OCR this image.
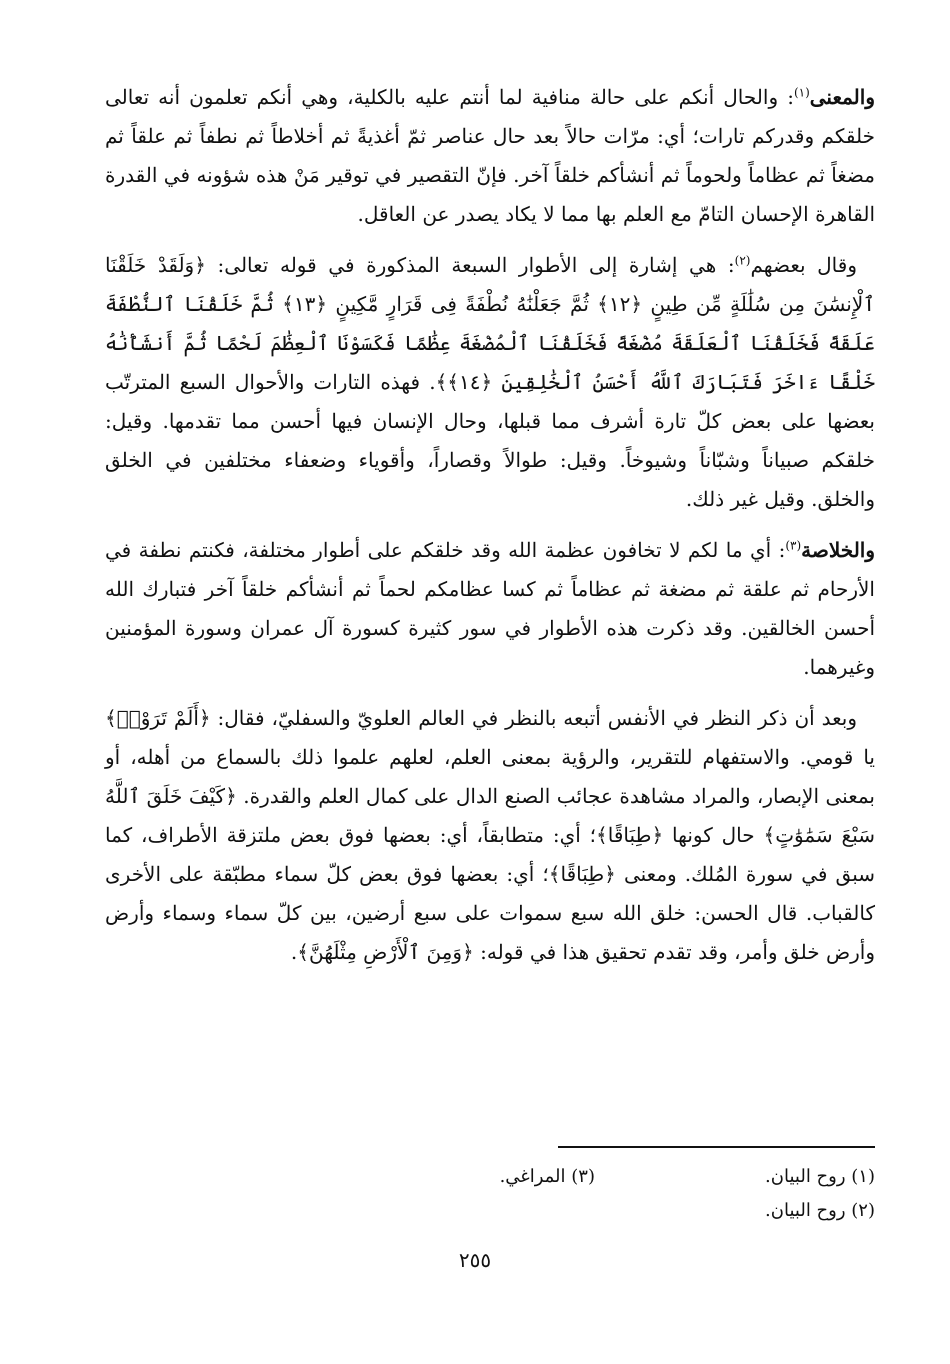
والمعنى$^{(١)}$: والحال أنكم على حالة منافية لما أنتم عليه بالكلية، وهي أنكم تعلمون أنه تعالى خلقكم وقدركم تارات؛ أي: مرّات حالاً بعد حال عناصر ثمّ أغذيةً ثم أخلاطاً ثم نطفاً ثم علقاً ثم مضغاً ثم عظاماً ولحوماً ثم أنشأكم خلقاً آخر. فإنّ التقصير في توقير مَنْ هذه شؤونه في القدرة القاهرة الإحسان التامّ مع العلم بها مما لا يكاد يصدر عن العاقل.

وقال بعضهم$^{(٢)}$: هي إشارة إلى الأطوار السبعة المذكورة في قوله تعالى: ﴿وَلَقَدْ خَلَقْنَا ٱلْإِنسَٰنَ مِن سُلَٰلَةٍ مِّن طِينٍ ﴿١٢﴾ ثُمَّ جَعَلْنَٰهُ نُطْفَةً فِى قَرَارٍ مَّكِينٍ ﴿١٣﴾ ثُمَّ خَلَقْنَا ٱلنُّطْفَةَ عَلَقَةً فَخَلَقْنَا ٱلْعَلَقَةَ مُضْغَةً فَخَلَقْنَا ٱلْمُضْغَةَ عِظَٰمًا فَكَسَوْنَا ٱلْعِظَٰمَ لَحْمًا ثُمَّ أَنشَأْنَٰهُ خَلْقًا ءَاخَرَ فَتَبَارَكَ ٱللَّهُ أَحْسَنُ ٱلْخَٰلِقِينَ ﴿١٤﴾﴾. فهذه التارات والأحوال السبع المترتّب بعضها على بعض كلّ تارة أشرف مما قبلها، وحال الإنسان فيها أحسن مما تقدمها. وقيل: خلقكم صبياناً وشبّاناً وشيوخاً. وقيل: طوالاً وقصاراً، وأقوياء وضعفاء مختلفين في الخلق والخلق. وقيل غير ذلك.

والخلاصة$^{(٣)}$: أي ما لكم لا تخافون عظمة الله وقد خلقكم على أطوار مختلفة، فكنتم نطفة في الأرحام ثم علقة ثم مضغة ثم عظاماً ثم كسا عظامكم لحماً ثم أنشأكم خلقاً آخر فتبارك الله أحسن الخالقين. وقد ذكرت هذه الأطوار في سور كثيرة كسورة آل عمران وسورة المؤمنين وغيرهما.

وبعد أن ذكر النظر في الأنفس أتبعه بالنظر في العالم العلويّ والسفليّ، فقال: ﴿أَلَمْ تَرَوْا۟﴾ يا قومي. والاستفهام للتقرير، والرؤية بمعنى العلم، لعلهم علموا ذلك بالسماع من أهله، أو بمعنى الإبصار، والمراد مشاهدة عجائب الصنع الدال على كمال العلم والقدرة. ﴿كَيْفَ خَلَقَ ٱللَّهُ سَبْعَ سَمَٰوَٰتٍ﴾ حال كونها ﴿طِبَاقًا﴾؛ أي: متطابقاً، أي: بعضها فوق بعض ملتزقة الأطراف، كما سبق في سورة المُلك. ومعنى ﴿طِبَاقًا﴾؛ أي: بعضها فوق بعض كلّ سماء مطبّقة على الأخرى كالقباب. قال الحسن: خلق الله سبع سموات على سبع أرضين، بين كلّ سماء وسماء وأرض وأرض خلق وأمر، وقد تقدم تحقيق هذا في قوله: ﴿وَمِنَ ٱلْأَرْضِ مِثْلَهُنَّ﴾.

(١) روح البيان.
(٣) المراغي.
(٢) روح البيان.
٢٥٥
